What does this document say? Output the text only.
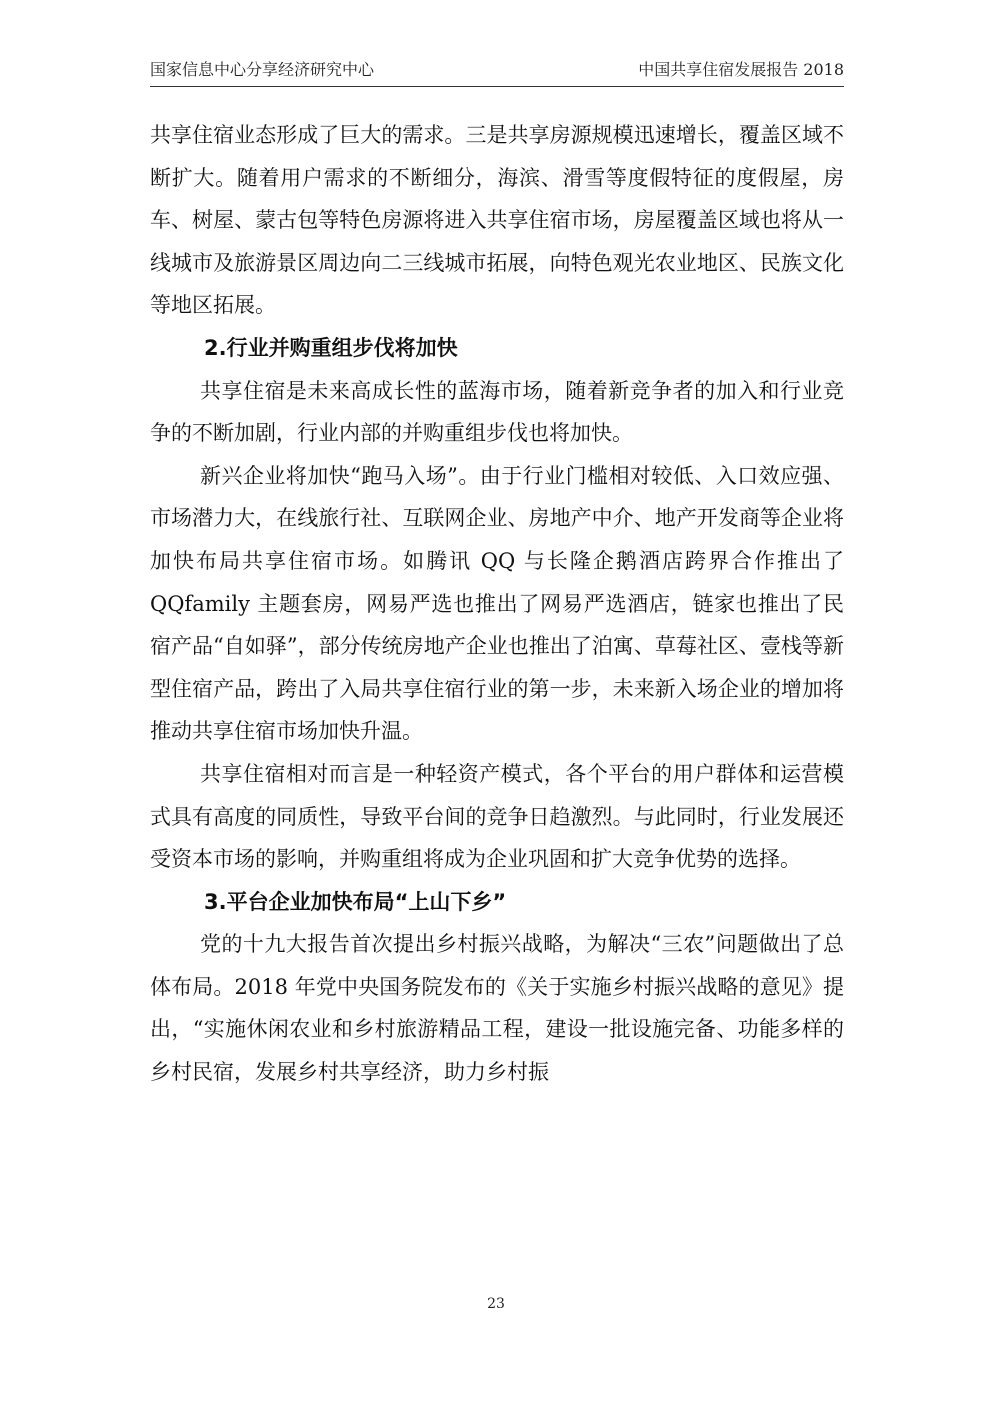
国家信息中心分享经济研究中心	中国共享住宿发展报告 2018

共享住宿业态形成了巨大的需求。三是共享房源规模迅速增长，覆盖区域不断扩大。随着用户需求的不断细分，海滨、滑雪等度假特征的度假屋，房车、树屋、蒙古包等特色房源将进入共享住宿市场，房屋覆盖区域也将从一线城市及旅游景区周边向二三线城市拓展，向特色观光农业地区、民族文化等地区拓展。

2.行业并购重组步伐将加快

共享住宿是未来高成长性的蓝海市场，随着新竞争者的加入和行业竞争的不断加剧，行业内部的并购重组步伐也将加快。

新兴企业将加快“跑马入场”。由于行业门槛相对较低、入口效应强、市场潜力大，在线旅行社、互联网企业、房地产中介、地产开发商等企业将加快布局共享住宿市场。如腾讯 QQ 与长隆企鹅酒店跨界合作推出了 QQfamily 主题套房，网易严选也推出了网易严选酒店，链家也推出了民宿产品“自如驿”，部分传统房地产企业也推出了泊寓、草莓社区、壹栈等新型住宿产品，跨出了入局共享住宿行业的第一步，未来新入场企业的增加将推动共享住宿市场加快升温。

共享住宿相对而言是一种轻资产模式，各个平台的用户群体和运营模式具有高度的同质性，导致平台间的竞争日趋激烈。与此同时，行业发展还受资本市场的影响，并购重组将成为企业巩固和扩大竞争优势的选择。

3.平台企业加快布局“上山下乡”

党的十九大报告首次提出乡村振兴战略，为解决“三农”问题做出了总体布局。2018 年党中央国务院发布的《关于实施乡村振兴战略的意见》提出，“实施休闲农业和乡村旅游精品工程，建设一批设施完备、功能多样的乡村民宿，发展乡村共享经济，助力乡村振

23
